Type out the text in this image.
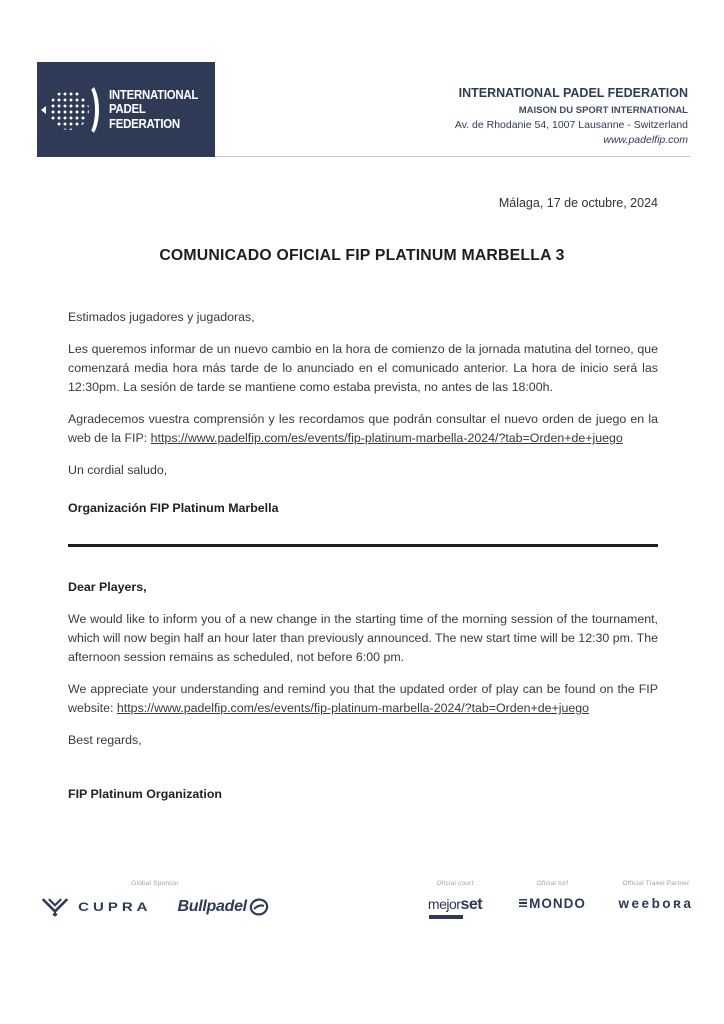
INTERNATIONAL
PADEL
FEDERATION
INTERNATIONAL PADEL FEDERATION
MAISON DU SPORT INTERNATIONAL
Av. de Rhodanie 54, 1007 Lausanne - Switzerland
www.padelfip.com
Málaga, 17 de octubre, 2024
COMUNICADO OFICIAL FIP PLATINUM MARBELLA 3

Estimados jugadores y jugadoras,

Les queremos informar de un nuevo cambio en la hora de comienzo de la jornada matutina del torneo, que comenzará media hora más tarde de lo anunciado en el comunicado anterior. La hora de inicio será las 12:30pm. La sesión de tarde se mantiene como estaba prevista, no antes de las 18:00h.

Agradecemos vuestra comprensión y les recordamos que podrán consultar el nuevo orden de juego en la web de la FIP: https://www.padelfip.com/es/events/fip-platinum-marbella-2024/?tab=Orden+de+juego

Un cordial saludo,

Organización FIP Platinum Marbella

Dear Players,

We would like to inform you of a new change in the starting time of the morning session of the tournament, which will now begin half an hour later than previously announced. The new start time will be 12:30 pm. The afternoon session remains as scheduled, not before 6:00 pm.

We appreciate your understanding and remind you that the updated order of play can be found on the FIP website: https://www.padelfip.com/es/events/fip-platinum-marbella-2024/?tab=Orden+de+juego

Best regards,

FIP Platinum Organization

Global Sponsor
CUPRA Bullpadel
Oficial court
mejorset
Oficial turf
MONDO
Official Travel Partner
weeboʀa
